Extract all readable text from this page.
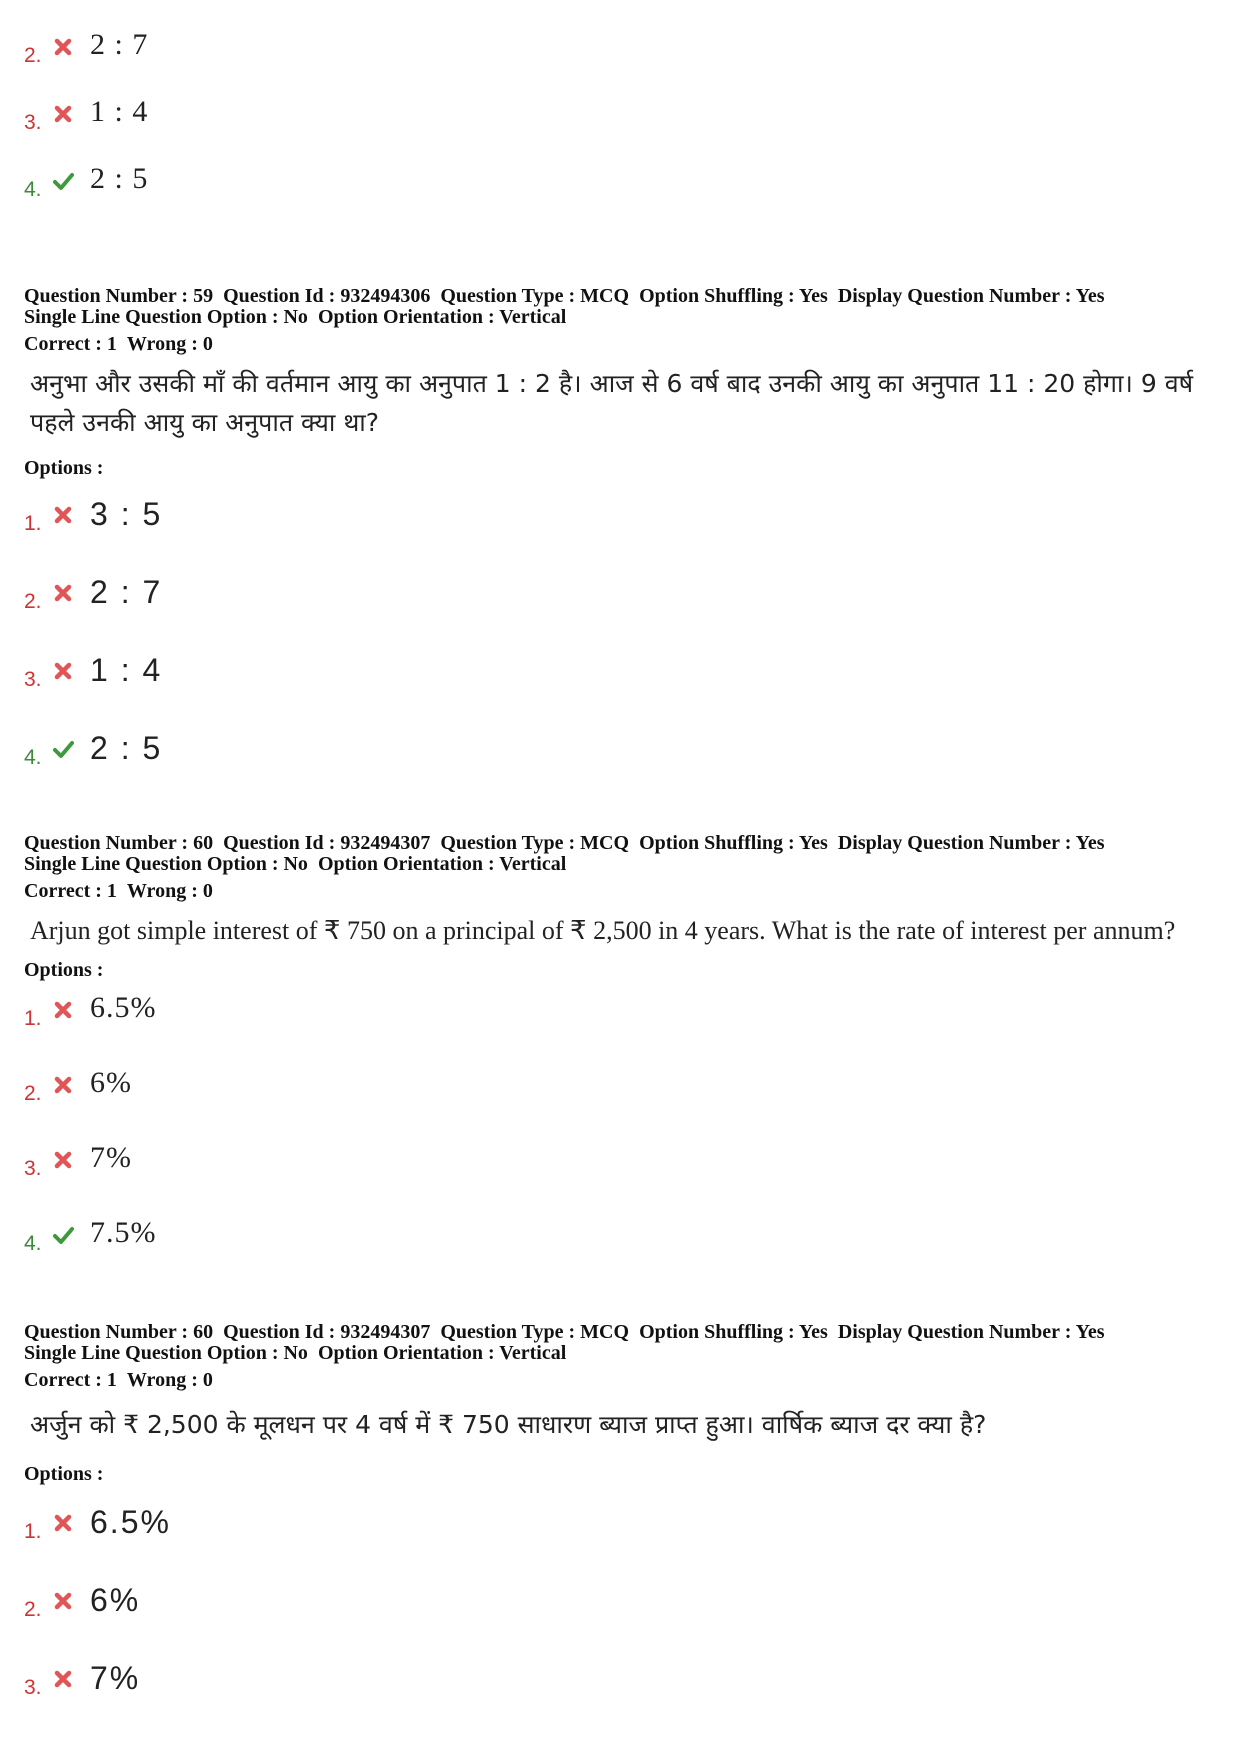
2. 2 : 7
3. 1 : 4
4. 2 : 5
Question Number : 59 Question Id : 932494306 Question Type : MCQ Option Shuffling : Yes Display Question Number : Yes
Single Line Question Option : No Option Orientation : Vertical
Correct : 1 Wrong : 0
अनुभा और उसकी माँ की वर्तमान आयु का अनुपात 1 : 2 है। आज से 6 वर्ष बाद उनकी आयु का अनुपात 11 : 20 होगा। 9 वर्ष पहले उनकी आयु का अनुपात क्या था?
Options :
1. 3 : 5
2. 2 : 7
3. 1 : 4
4. 2 : 5
Question Number : 60 Question Id : 932494307 Question Type : MCQ Option Shuffling : Yes Display Question Number : Yes
Single Line Question Option : No Option Orientation : Vertical
Correct : 1 Wrong : 0
Arjun got simple interest of ₹ 750 on a principal of ₹ 2,500 in 4 years. What is the rate of interest per annum?
Options :
1. 6.5%
2. 6%
3. 7%
4. 7.5%
Question Number : 60 Question Id : 932494307 Question Type : MCQ Option Shuffling : Yes Display Question Number : Yes
Single Line Question Option : No Option Orientation : Vertical
Correct : 1 Wrong : 0
अर्जुन को ₹ 2,500 के मूलधन पर 4 वर्ष में ₹ 750 साधारण ब्याज प्राप्त हुआ। वार्षिक ब्याज दर क्या है?
Options :
1. 6.5%
2. 6%
3. 7%
